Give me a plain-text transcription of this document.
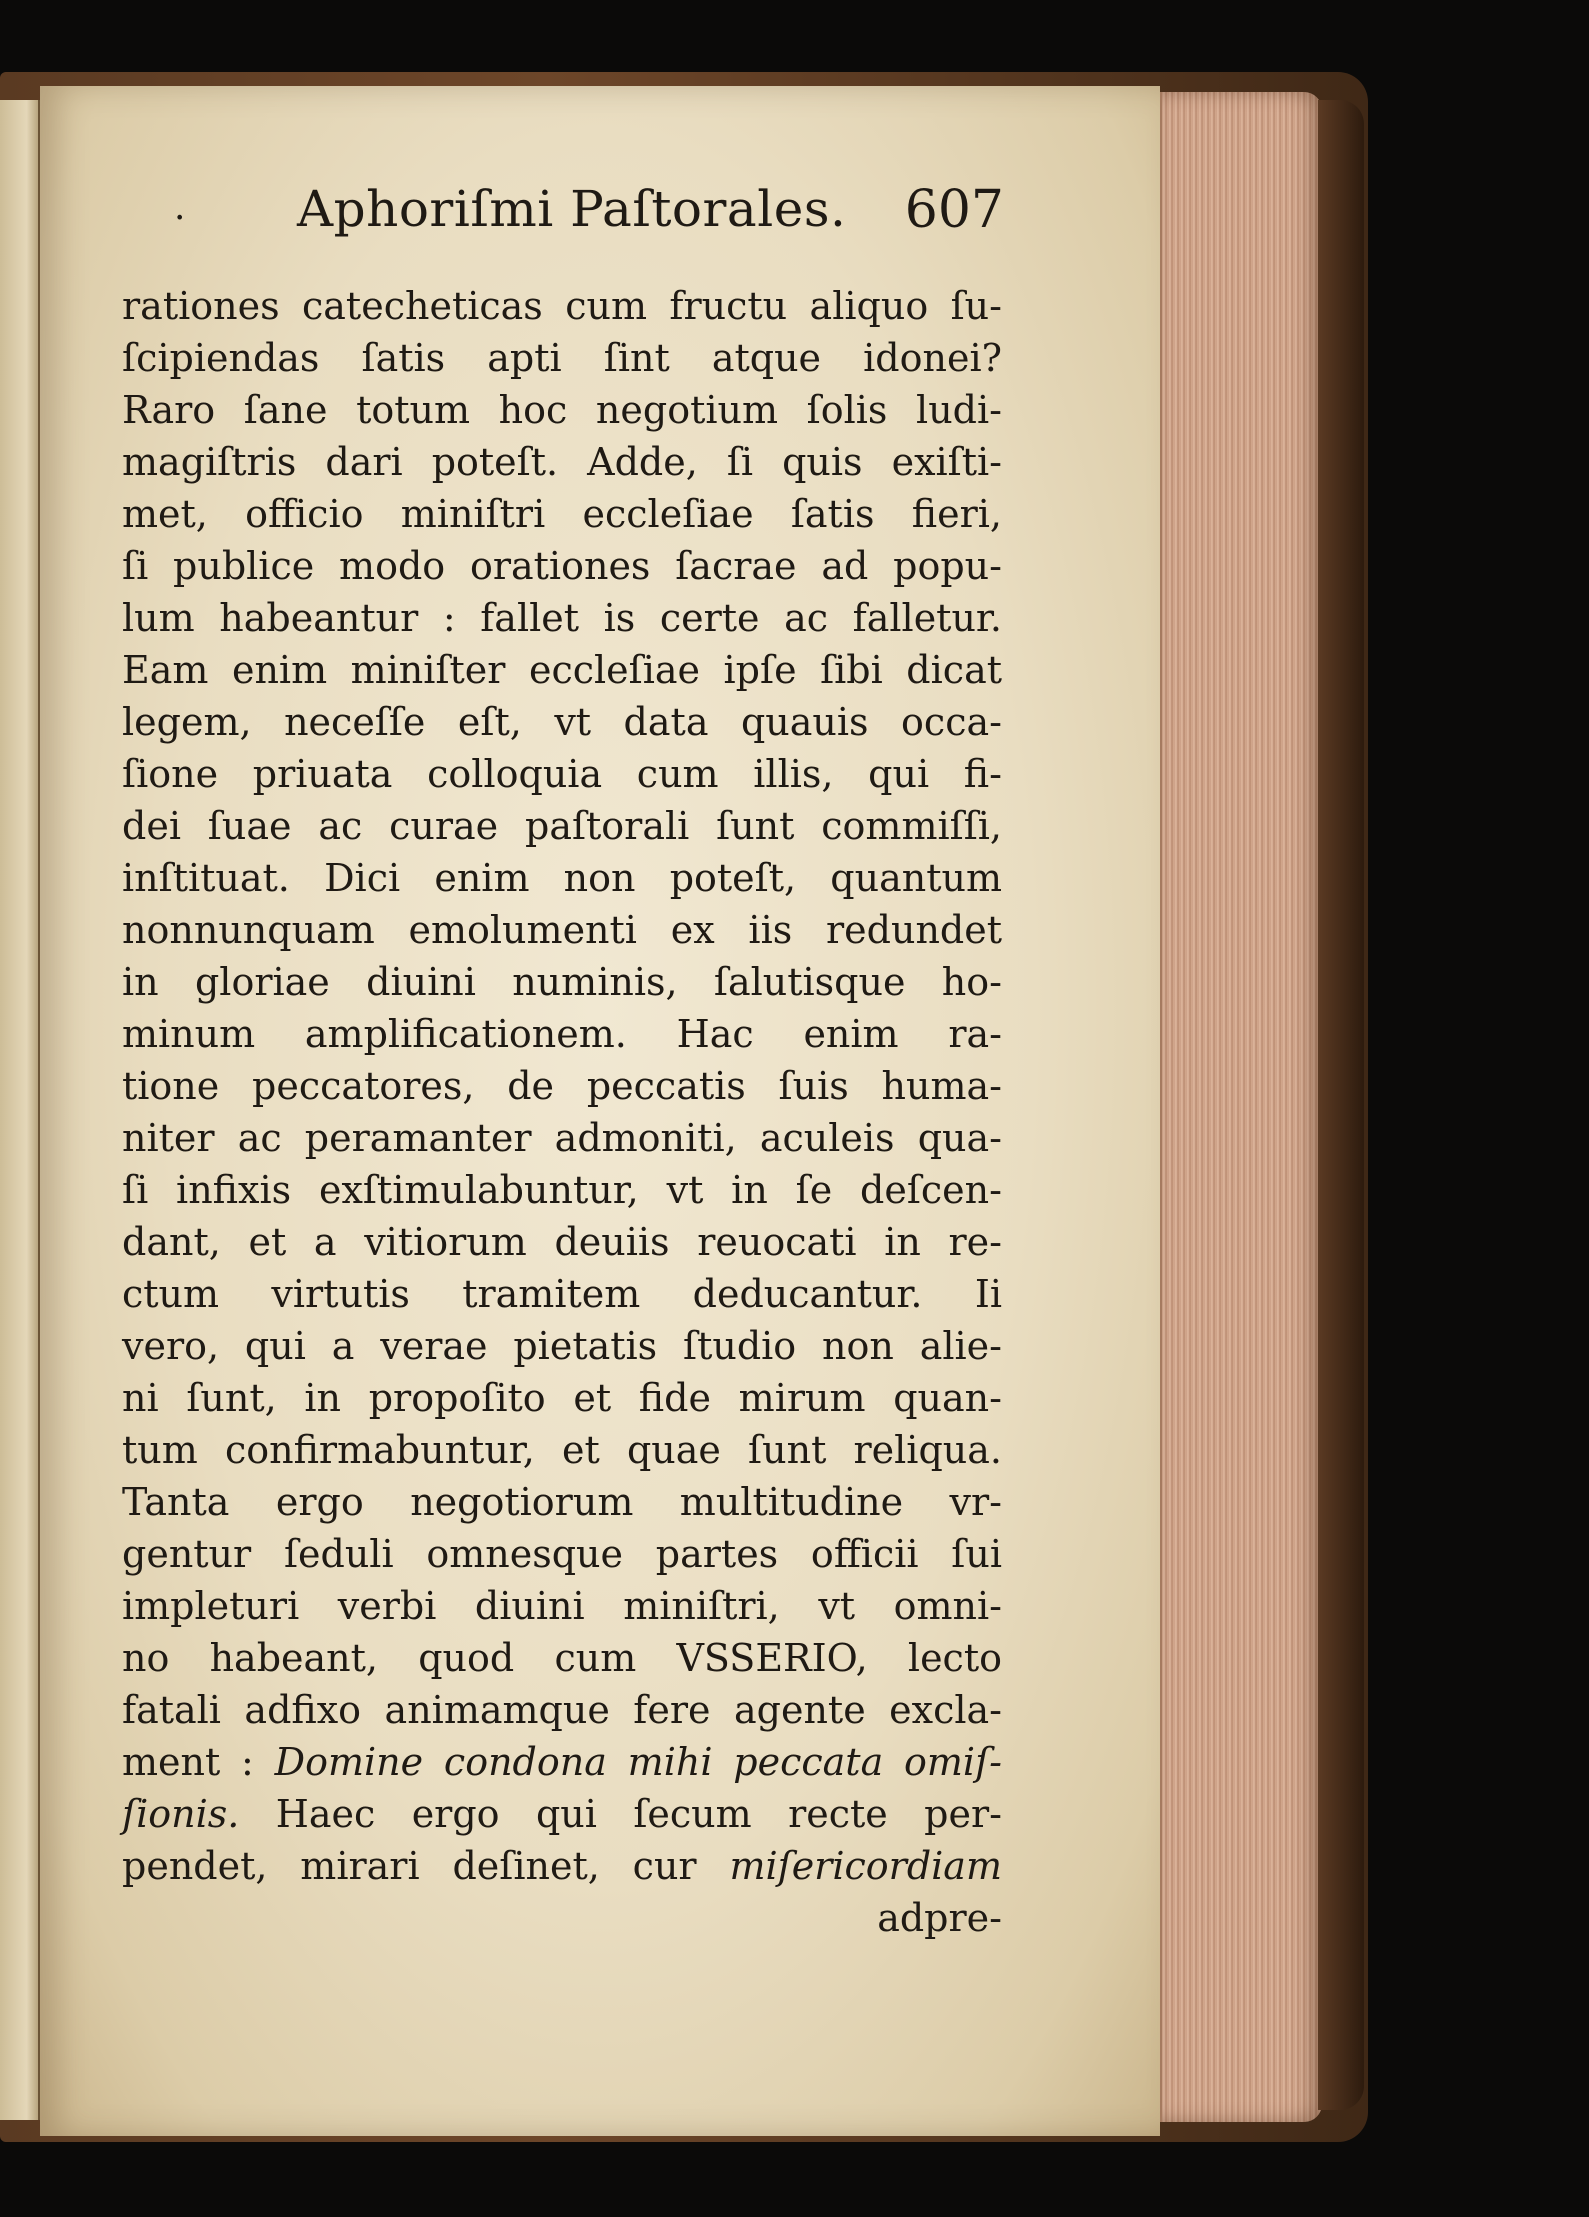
· Aphoriſmi Paſtorales. 607
rationes catecheticas cum fructu aliquo ſu-
ſcipiendas ſatis apti ſint atque idonei?
Raro ſane totum hoc negotium ſolis ludi-
magiſtris dari poteſt. Adde, ſi quis exiſti-
met, officio miniſtri eccleſiae ſatis fieri,
ſi publice modo orationes ſacrae ad popu-
lum habeantur : fallet is certe ac falletur.
Eam enim miniſter eccleſiae ipſe ſibi dicat
legem, neceſſe eſt, vt data quauis occa-
ſione priuata colloquia cum illis, qui fi-
dei ſuae ac curae paſtorali ſunt commiſſi,
inſtituat. Dici enim non poteſt, quantum
nonnunquam emolumenti ex iis redundet
in gloriae diuini numinis, ſalutisque ho-
minum amplificationem. Hac enim ra-
tione peccatores, de peccatis ſuis huma-
niter ac peramanter admoniti, aculeis qua-
ſi infixis exſtimulabuntur, vt in ſe deſcen-
dant, et a vitiorum deuiis reuocati in re-
ctum virtutis tramitem deducantur. Ii
vero, qui a verae pietatis ſtudio non alie-
ni ſunt, in propoſito et fide mirum quan-
tum confirmabuntur, et quae ſunt reliqua.
Tanta ergo negotiorum multitudine vr-
gentur ſeduli omnesque partes officii ſui
impleturi verbi diuini miniſtri, vt omni-
no habeant, quod cum VSSERIO, lecto
fatali adfixo animamque fere agente excla-
ment : Domine condona mihi peccata omiſ-
ſionis. Haec ergo qui ſecum recte per-
pendet, mirari deſinet, cur miſericordiam
adpre-
